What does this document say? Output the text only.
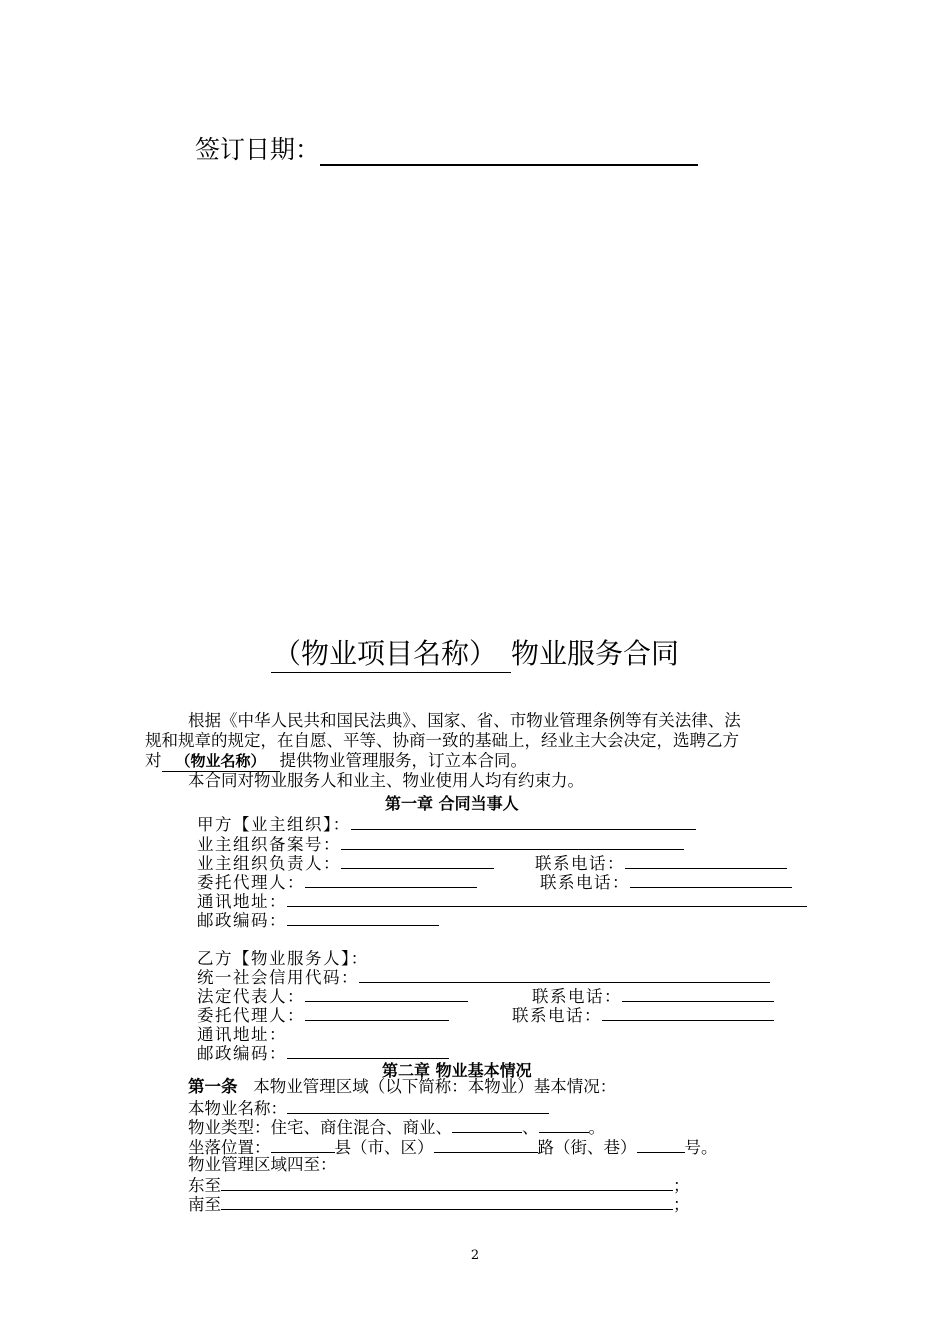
签订日期：
（物业项目名称） 物业服务合同
根据《中华人民共和国民法典》、国家、省、市物业管理条例等有关法律、法
规和规章的规定，在自愿、平等、协商一致的基础上，经业主大会决定，选聘乙方
对 （物业名称） 提供物业管理服务，订立本合同。
本合同对物业服务人和业主、物业使用人均有约束力。
第一章 合同当事人
甲方【业主组织】：
业主组织备案号：
业主组织负责人：	联系电话：
委托代理人：	联系电话：
通讯地址：
邮政编码：
乙方【物业服务人】：
统一社会信用代码：
法定代表人：	联系电话：
委托代理人：	联系电话：
通讯地址：
邮政编码：
第二章 物业基本情况
第一条 本物业管理区域（以下简称：本物业）基本情况：
本物业名称：
物业类型：住宅、商住混合、商业、	、	。
坐落位置：	县（市、区）	路（街、巷）	号。
物业管理区域四至：
东至	；
南至	；
2
